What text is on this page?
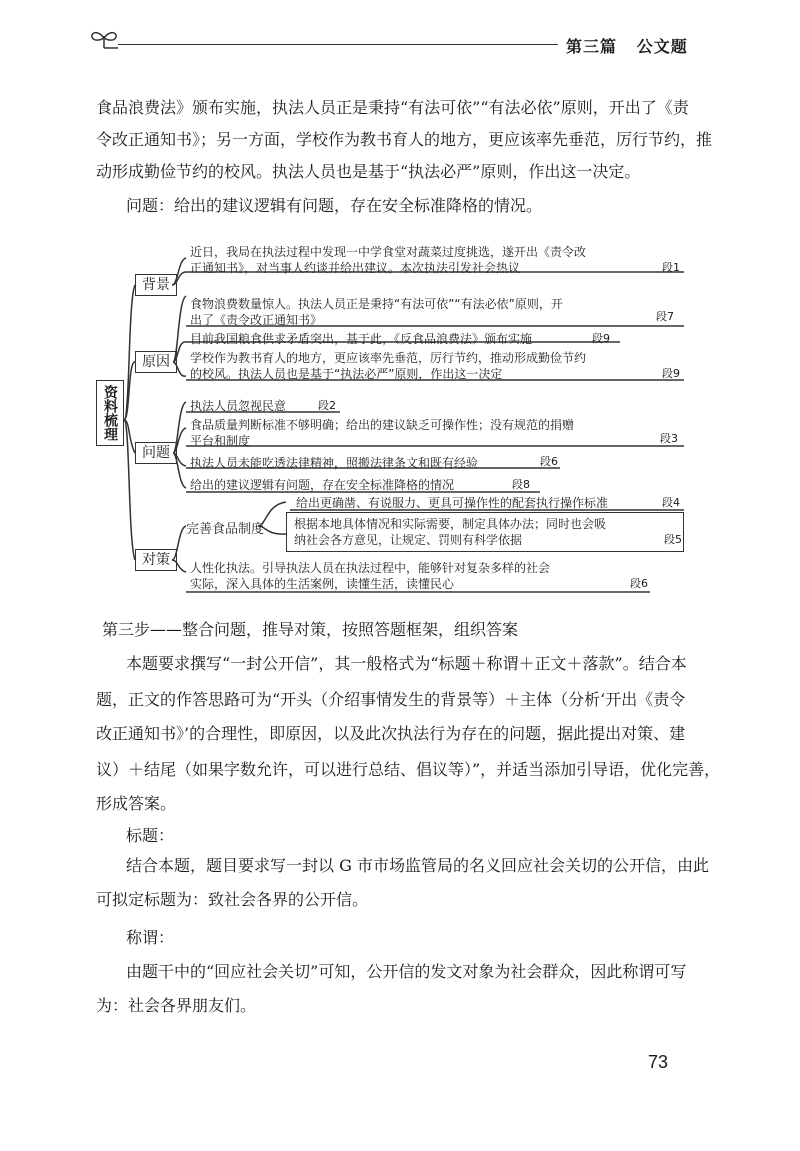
第三篇 公文题
食品浪费法》颁布实施，执法人员正是秉持“有法可依”“有法必依”原则，开出了《责
令改正通知书》；另一方面，学校作为教书育人的地方，更应该率先垂范，厉行节约，推
动形成勤俭节约的校风。执法人员也是基于“执法必严”原则，作出这一决定。
问题：给出的建议逻辑有问题，存在安全标准降格的情况。
资料梳理
背景
原因
问题
对策
近日，我局在执法过程中发现一中学食堂对蔬菜过度挑选，遂开出《责令改
正通知书》，对当事人约谈并给出建议。本次执法引发社会热议	段1
食物浪费数量惊人。执法人员正是秉持“有法可依”“有法必依”原则，开
出了《责令改正通知书》	段7
目前我国粮食供求矛盾突出，基于此，《反食品浪费法》颁布实施	段9
学校作为教书育人的地方，更应该率先垂范，厉行节约，推动形成勤俭节约
的校风。执法人员也是基于“执法必严”原则，作出这一决定	段9
执法人员忽视民意	段2
食品质量判断标准不够明确；给出的建议缺乏可操作性；没有规范的捐赠
平台和制度	段3
执法人员未能吃透法律精神，照搬法律条文和既有经验	段6
给出的建议逻辑有问题，存在安全标准降格的情况	段8
完善食品制度
给出更确凿、有说服力、更具可操作性的配套执行操作标准	段4
根据本地具体情况和实际需要，制定具体办法；同时也会吸
纳社会各方意见，让规定、罚则有科学依据	段5
人性化执法。引导执法人员在执法过程中，能够针对复杂多样的社会
实际，深入具体的生活案例，读懂生活，读懂民心	段6
第三步——整合问题，推导对策，按照答题框架，组织答案
本题要求撰写“一封公开信”，其一般格式为“标题＋称谓＋正文＋落款”。结合本
题，正文的作答思路可为“开头（介绍事情发生的背景等）＋主体（分析‘开出《责令
改正通知书》’的合理性，即原因，以及此次执法行为存在的问题，据此提出对策、建
议）＋结尾（如果字数允许，可以进行总结、倡议等）”，并适当添加引导语，优化完善，
形成答案。
标题：
结合本题，题目要求写一封以 G 市市场监管局的名义回应社会关切的公开信，由此
可拟定标题为：致社会各界的公开信。
称谓：
由题干中的“回应社会关切”可知，公开信的发文对象为社会群众，因此称谓可写
为：社会各界朋友们。
73
